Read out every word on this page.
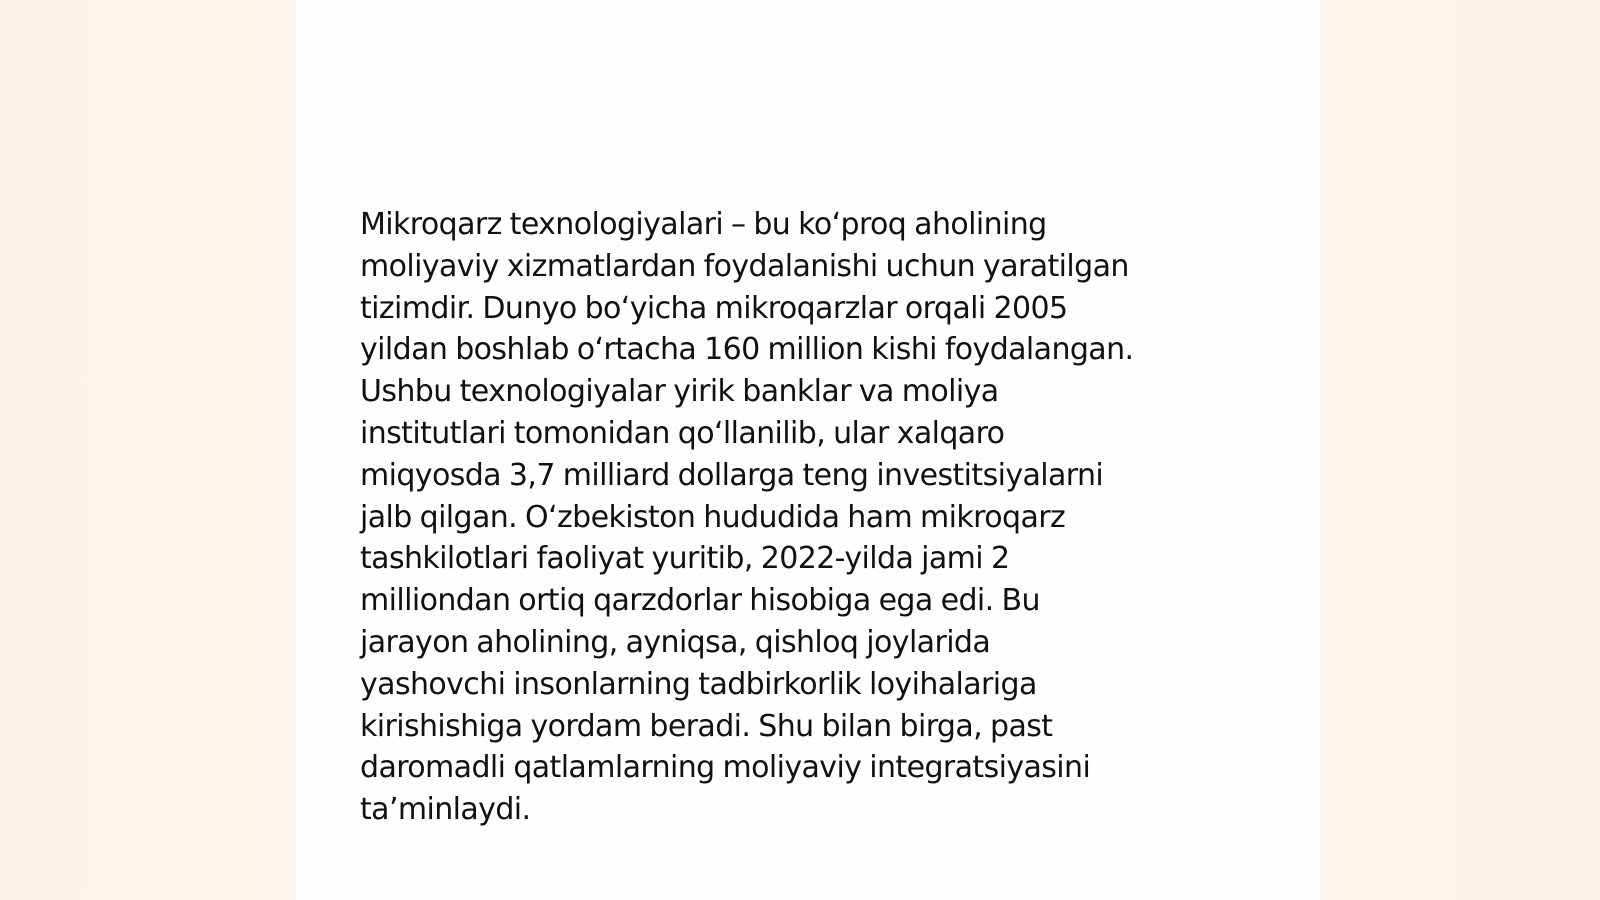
Mikroqarz texnologiyalari – bu koʻproq aholining
moliyaviy xizmatlardan foydalanishi uchun yaratilgan
tizimdir. Dunyo boʻyicha mikroqarzlar orqali 2005
yildan boshlab oʻrtacha 160 million kishi foydalangan.
Ushbu texnologiyalar yirik banklar va moliya
institutlari tomonidan qoʻllanilib, ular xalqaro
miqyosda 3,7 milliard dollarga teng investitsiyalarni
jalb qilgan. Oʻzbekiston hududida ham mikroqarz
tashkilotlari faoliyat yuritib, 2022-yilda jami 2
milliondan ortiq qarzdorlar hisobiga ega edi. Bu
jarayon aholining, ayniqsa, qishloq joylarida
yashovchi insonlarning tadbirkorlik loyihalariga
kirishishiga yordam beradi. Shu bilan birga, past
daromadli qatlamlarning moliyaviy integratsiyasini
taʼminlaydi.
